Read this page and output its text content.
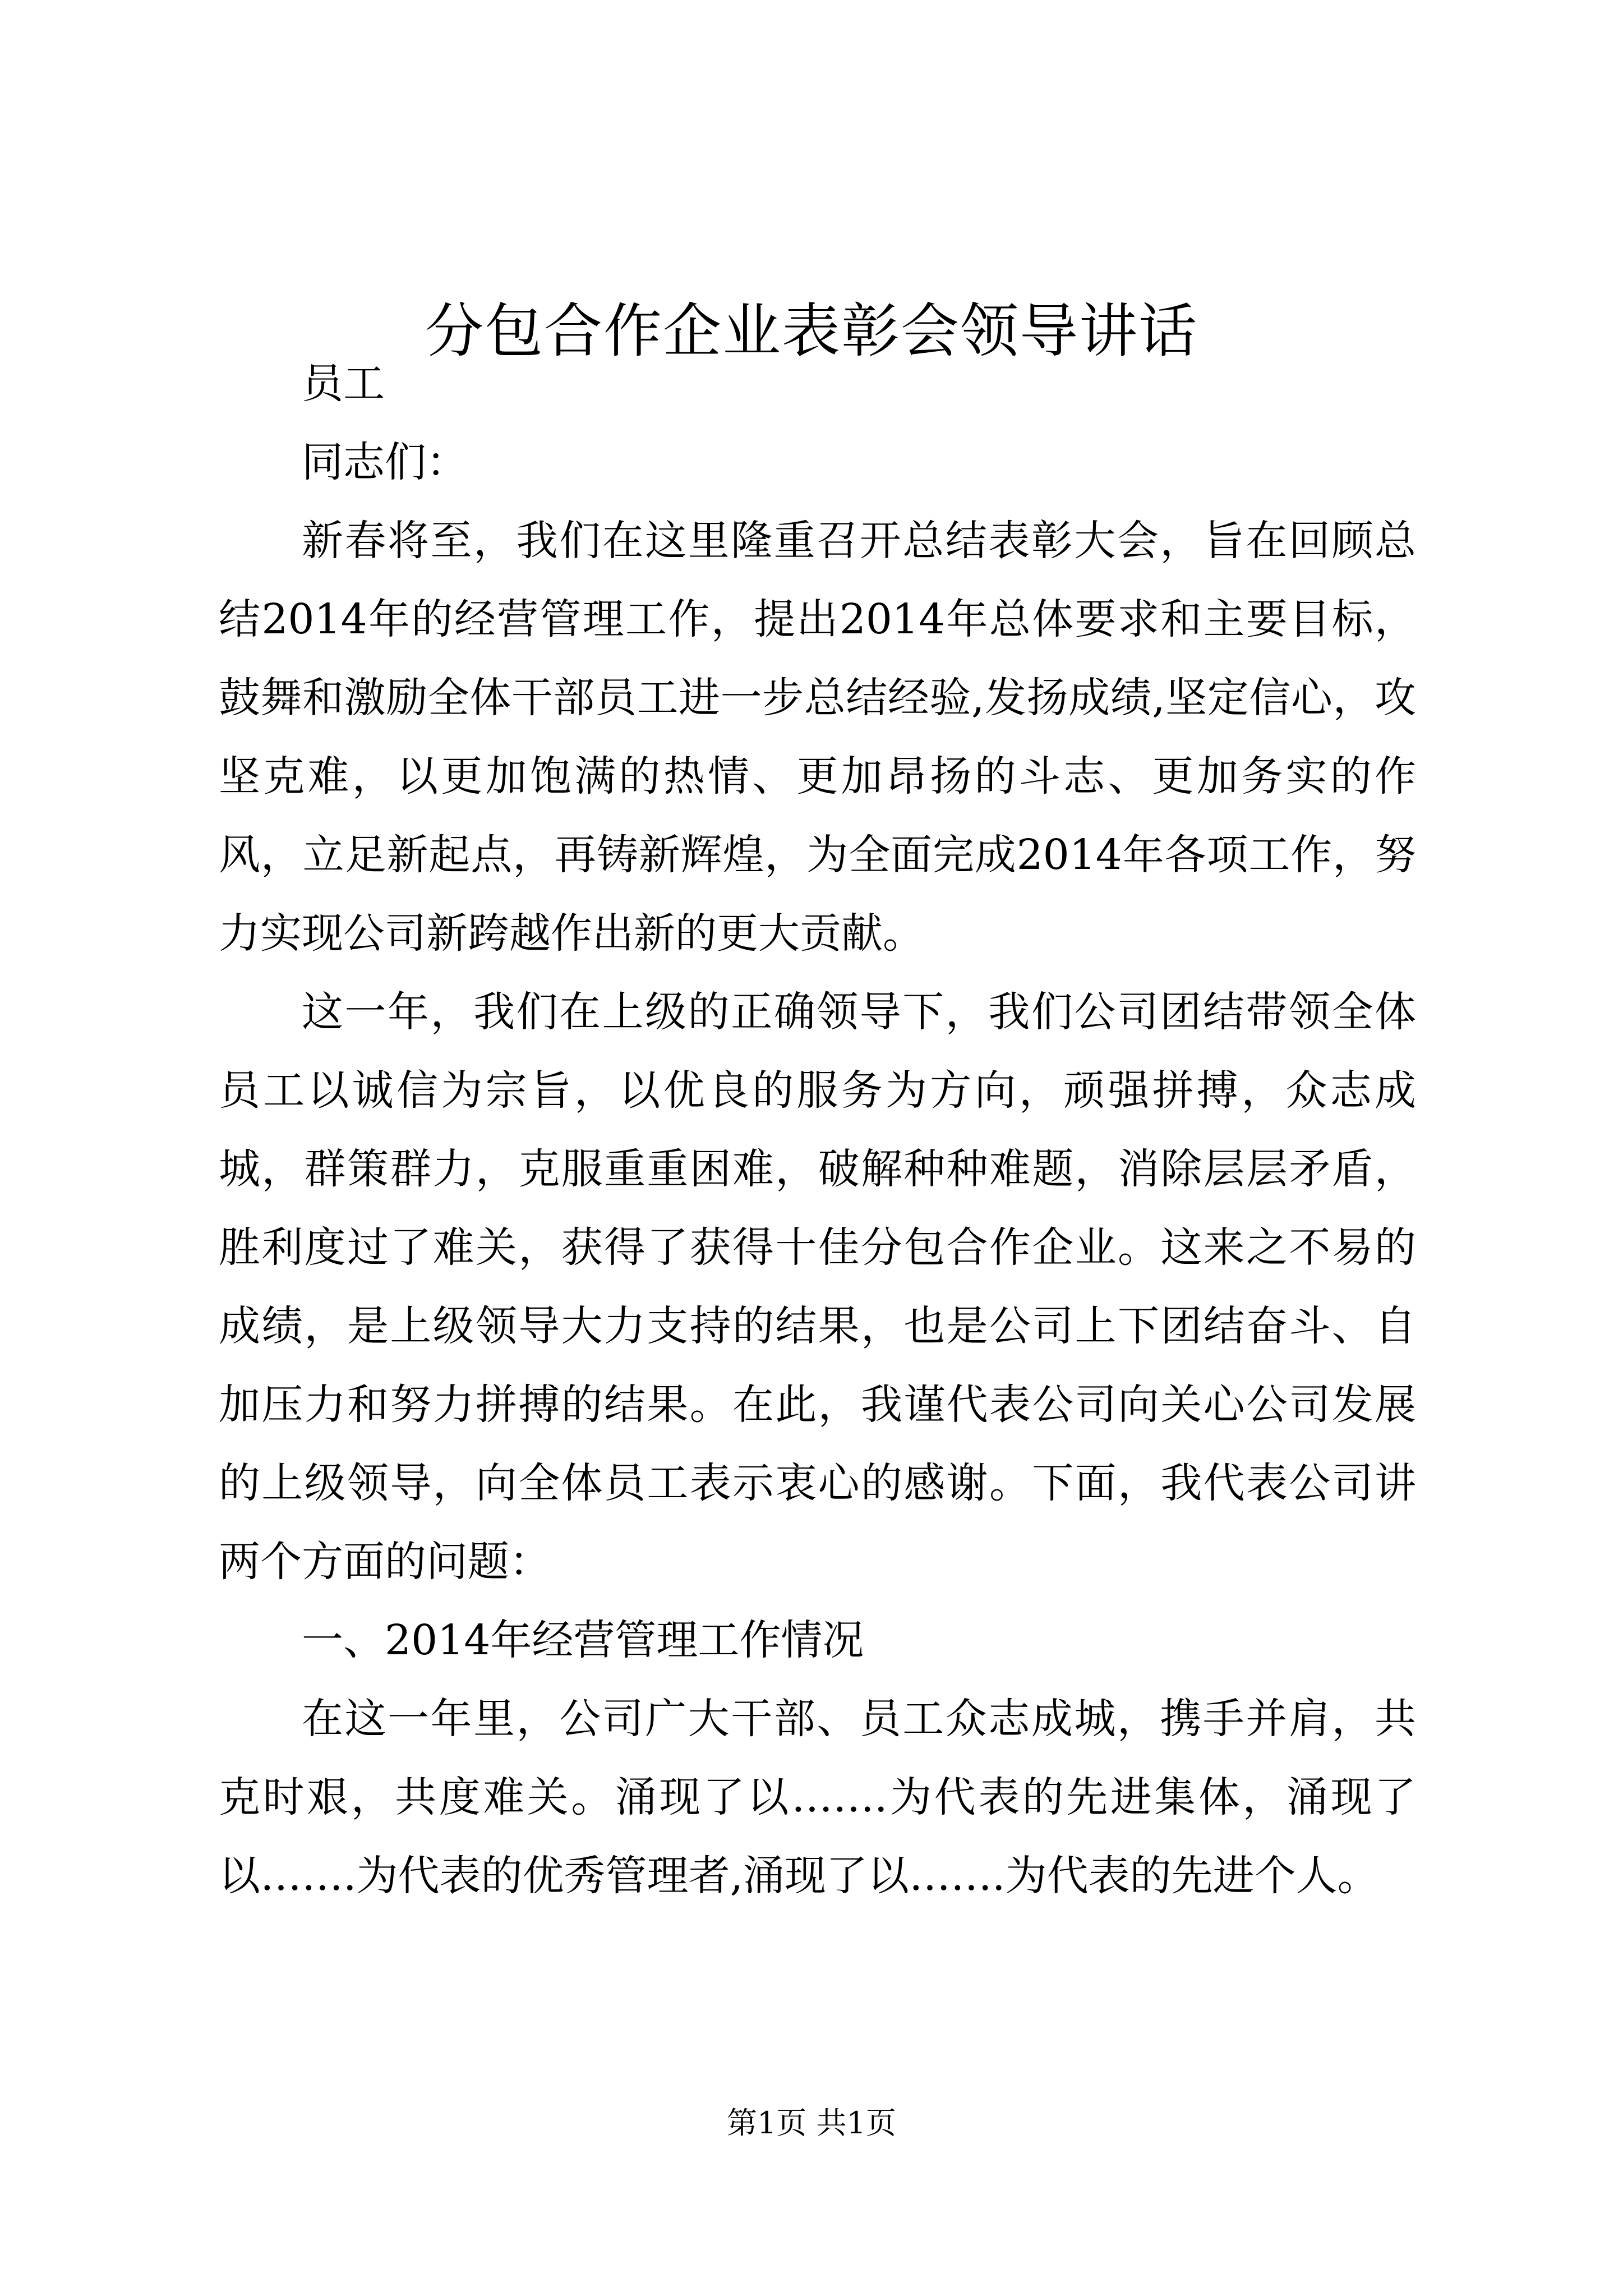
分包合作企业表彰会领导讲话

员工

同志们：

新春将至，我们在这里隆重召开总结表彰大会，旨在回顾总结2014年的经营管理工作，提出2014年总体要求和主要目标，鼓舞和激励全体干部员工进一步总结经验,发扬成绩,坚定信心，攻坚克难，以更加饱满的热情、更加昂扬的斗志、更加务实的作风，立足新起点，再铸新辉煌，为全面完成2014年各项工作，努力实现公司新跨越作出新的更大贡献。

这一年，我们在上级的正确领导下，我们公司团结带领全体员工以诚信为宗旨，以优良的服务为方向，顽强拼搏，众志成城，群策群力，克服重重困难，破解种种难题，消除层层矛盾，胜利度过了难关，获得了获得十佳分包合作企业。这来之不易的成绩，是上级领导大力支持的结果，也是公司上下团结奋斗、自加压力和努力拼搏的结果。在此，我谨代表公司向关心公司发展的上级领导，向全体员工表示衷心的感谢。下面，我代表公司讲两个方面的问题：

一、2014年经营管理工作情况

在这一年里，公司广大干部、员工众志成城，携手并肩，共克时艰，共度难关。涌现了以…….为代表的先进集体，涌现了以…….为代表的优秀管理者,涌现了以…….为代表的先进个人。

第1页 共1页
